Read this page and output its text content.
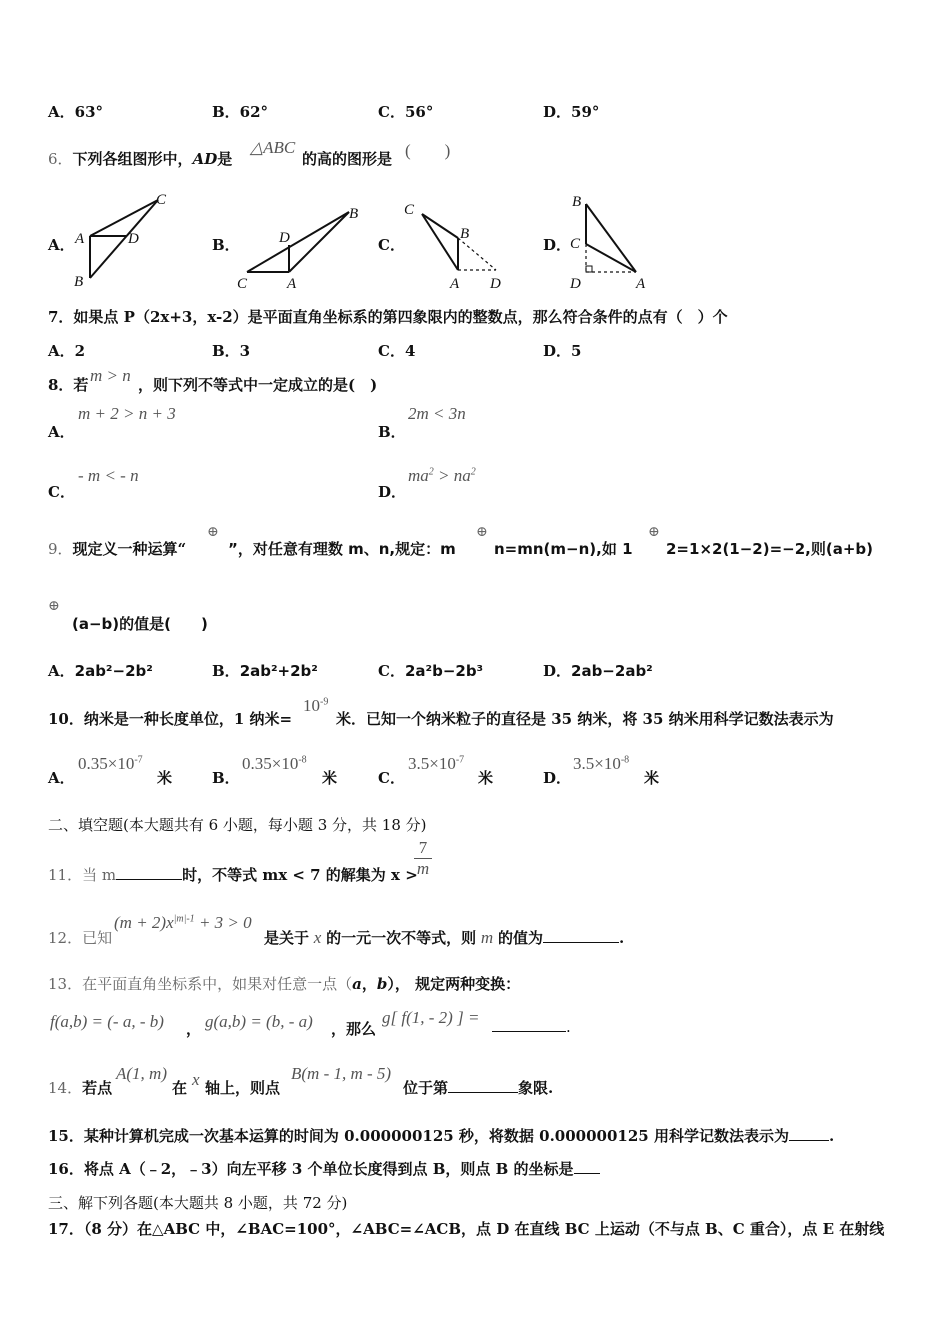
A．63°	B．62°	C．56°	D．59°
6．下列各组图形中，AD是
△ABC
的高的图形是 (　　)
A．	B．	C．	D．
C
A	D
B
B
D
C	A
C
B
A D
B
C
D	A
7．如果点 P（2x+3，x-2）是平面直角坐标系的第四象限内的整数点，那么符合条件的点有（　）个
A．2	B．3	C．4	D．5
8．若 m > n ，则下列不等式中一定成立的是(　)
A．
m + 2 > n + 3
B．
2m < 3n
C．
- m < - n
D．
$ma^2 > na^2$
9．现定义一种运算“
⊕
”，对任意有理数 m、n,规定：m
⊕
n=mn(m−n),如 1
⊕
2=1×2(1−2)=−2,则(a+b)
⊕
(a−b)的值是(　　)
A．2ab²−2b²	B．2ab²+2b²	C．2a²b−2b³	D．2ab−2ab²
10．纳米是一种长度单位，1 纳米=
$10^{-9}$
米．已知一个纳米粒子的直径是 35 纳米，将 35 纳米用科学记数法表示为
A．
$0.35\times 10^{-7}$
米	B．
$0.35\times 10^{-8}$
米	C．
$3.5\times 10^{-7}$
米	D．
$3.5\times 10^{-8}$
米
二、填空题(本大题共有 6 小题，每小题 3 分，共 18 分)
11．当 m	时，不等式 mx < 7 的解集为 x >
7
m
12．已知
$(m + 2)x^{|m|-1} + 3 > 0$
是关于 x 的一元一次不等式，则 m 的值为	.
13．在平面直角坐标系中，如果对任意一点（a，b）， 规定两种变换：
f(a,b) = (- a, - b) ， g(a,b) = (b, - a) ，那么
g[ f(1, - 2) ] =	.
14．若点
A(1, m)
在 x 轴上，则点
B(m - 1, m - 5)
位于第	象限.
15．某种计算机完成一次基本运算的时间为 0.000000125 秒，将数据 0.000000125 用科学记数法表示为	.
16．将点 A（﹣2，﹣3）向左平移 3 个单位长度得到点 B，则点 B 的坐标是
三、解下列各题(本大题共 8 小题，共 72 分)
17．（8 分）在△ABC 中，∠BAC=100°，∠ABC=∠ACB，点 D 在直线 BC 上运动（不与点 B、C 重合），点 E 在射线
